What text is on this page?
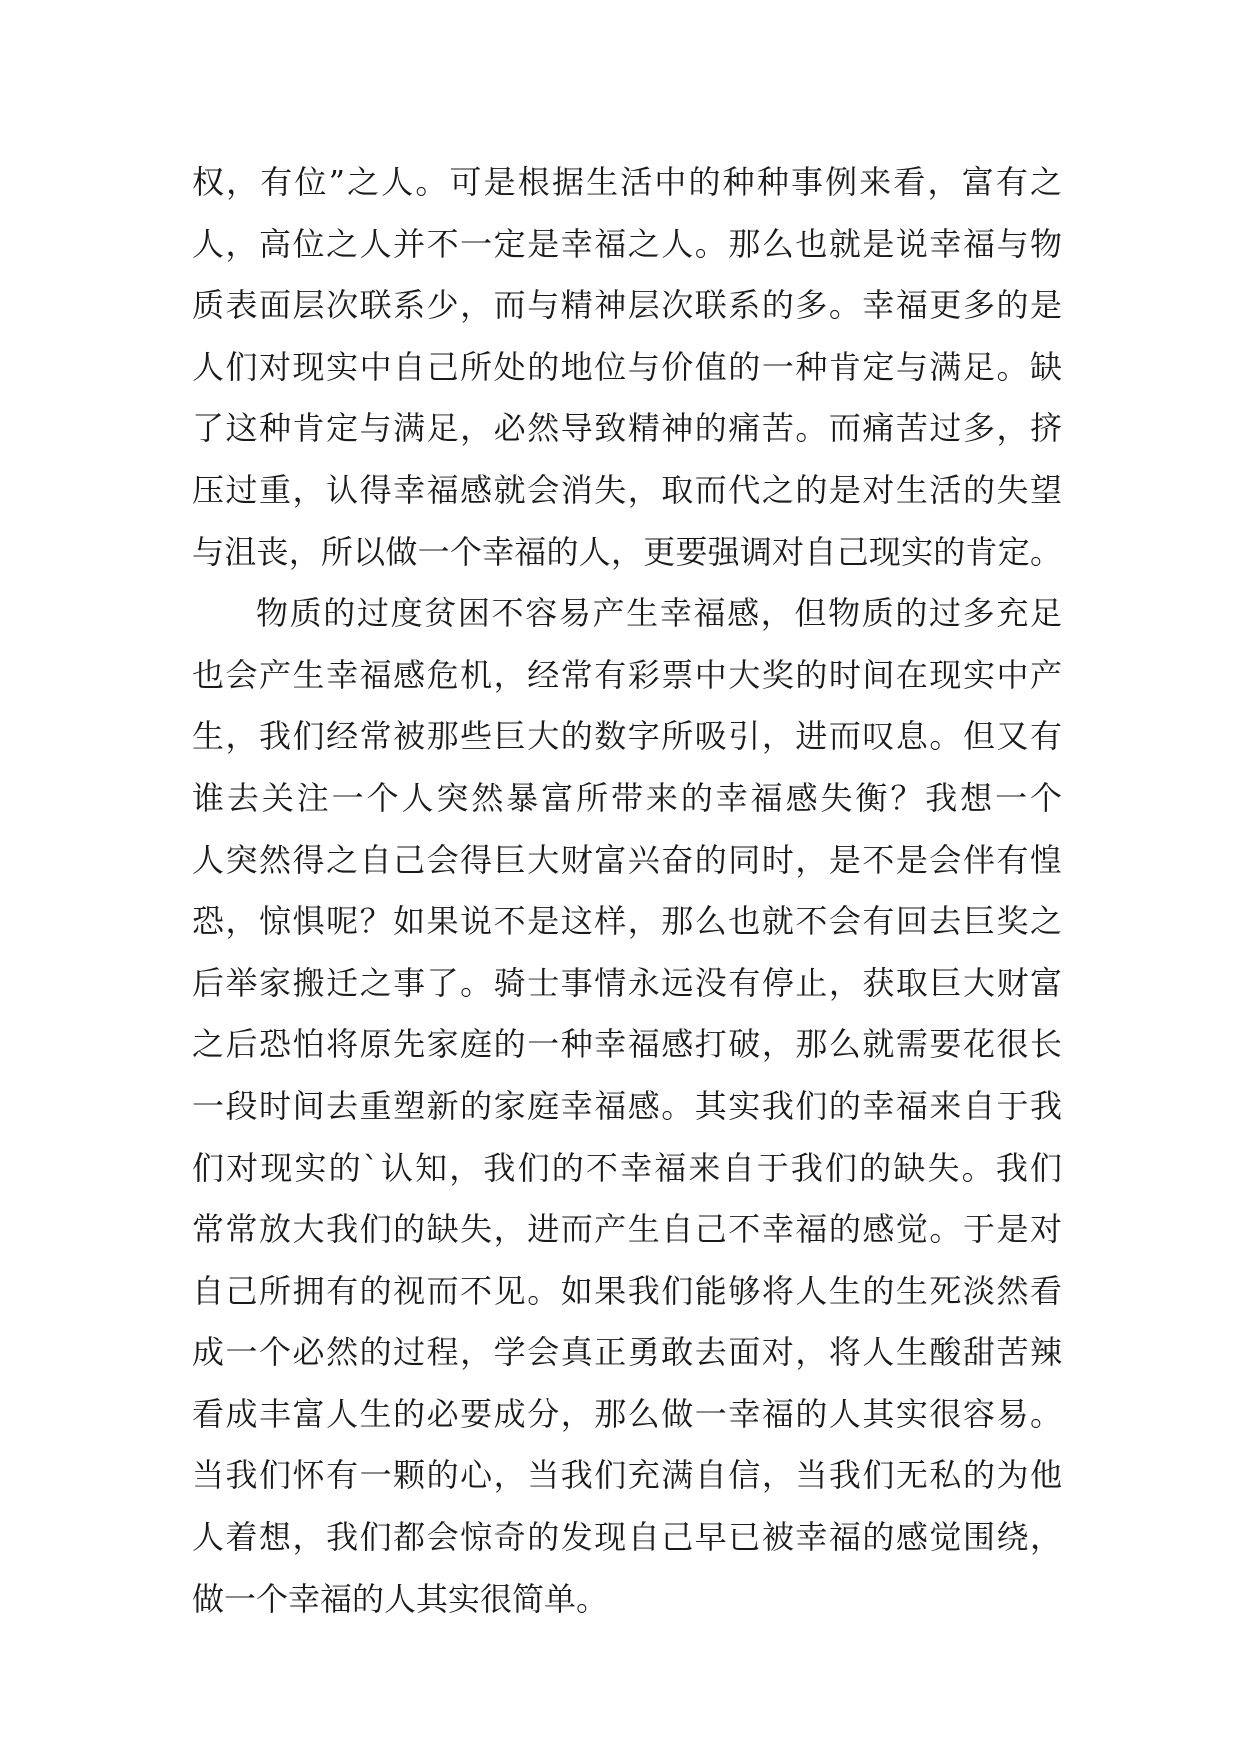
权，有位”之人。可是根据生活中的种种事例来看，富有之
人，高位之人并不一定是幸福之人。那么也就是说幸福与物
质表面层次联系少，而与精神层次联系的多。幸福更多的是
人们对现实中自己所处的地位与价值的一种肯定与满足。缺
了这种肯定与满足，必然导致精神的痛苦。而痛苦过多，挤
压过重，认得幸福感就会消失，取而代之的是对生活的失望
与沮丧，所以做一个幸福的人，更要强调对自己现实的肯定。
物质的过度贫困不容易产生幸福感，但物质的过多充足
也会产生幸福感危机，经常有彩票中大奖的时间在现实中产
生，我们经常被那些巨大的数字所吸引，进而叹息。但又有
谁去关注一个人突然暴富所带来的幸福感失衡？我想一个
人突然得之自己会得巨大财富兴奋的同时，是不是会伴有惶
恐，惊惧呢？如果说不是这样，那么也就不会有回去巨奖之
后举家搬迁之事了。骑士事情永远没有停止，获取巨大财富
之后恐怕将原先家庭的一种幸福感打破，那么就需要花很长
一段时间去重塑新的家庭幸福感。其实我们的幸福来自于我
们对现实的`认知，我们的不幸福来自于我们的缺失。我们
常常放大我们的缺失，进而产生自己不幸福的感觉。于是对
自己所拥有的视而不见。如果我们能够将人生的生死淡然看
成一个必然的过程，学会真正勇敢去面对，将人生酸甜苦辣
看成丰富人生的必要成分，那么做一幸福的人其实很容易。
当我们怀有一颗的心，当我们充满自信，当我们无私的为他
人着想，我们都会惊奇的发现自己早已被幸福的感觉围绕，
做一个幸福的人其实很简单。
